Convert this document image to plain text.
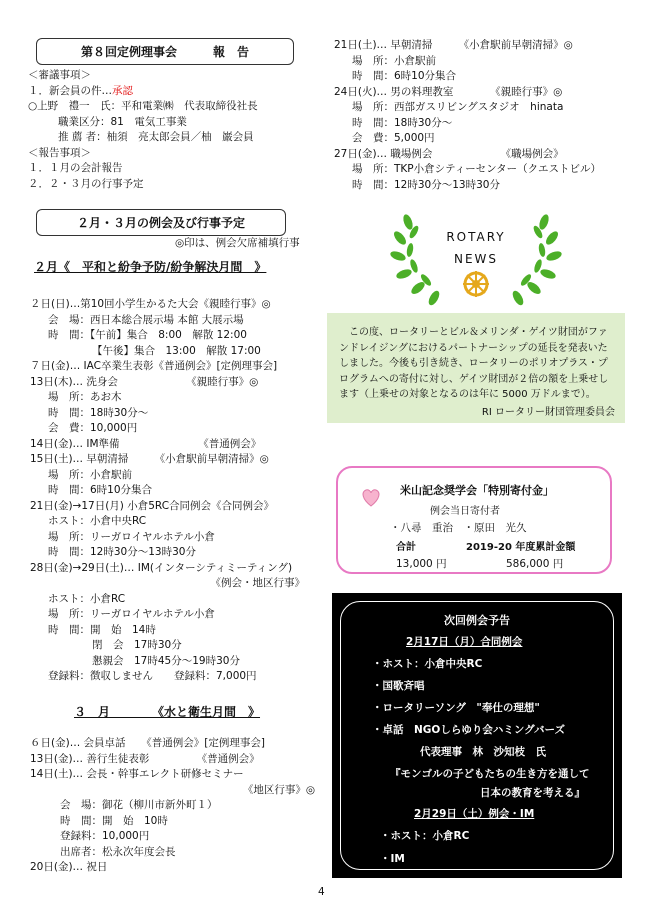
第８回定例理事会　　　報　告
＜審議事項＞
１．新会員の件…承認
○上野　禮一　氏：平和電業㈱　代表取締役社長
職業区分：81　電気工事業
推 薦 者：柚須　亮太郎会員／柚　巌会員
＜報告事項＞
１．１月の会計報告
２．２・３月の行事予定
２月・３月の例会及び行事予定
◎印は、例会欠席補填行事
２月《　平和と紛争予防/紛争解決月間　》
２日(日)…第10回小学生かるた大会《親睦行事》◎
会　場：西日本総合展示場 本館 大展示場
時　間：【午前】集合　8:00　解散 12:00
【午後】集合　13:00　解散 17:00
７日(金)… IAC卒業生表彰《普通例会》[定例理事会]
13日(木)… 洗身会　　　　　　　《親睦行事》◎
場　所：あお木
時　間：18時30分～
会　費：10,000円
14日(金)… IM準備　　　　　　　　《普通例会》
15日(土)… 早朝清掃　　　《小倉駅前早朝清掃》◎
場　所：小倉駅前
時　間：6時10分集合
21日(金)→17日(月) 小倉5RC合同例会《合同例会》
ホスト：小倉中央RC
場　所：リーガロイヤルホテル小倉
時　間：12時30分～13時30分
28日(金)→29日(土)… IM(インターシティミーティング)
《例会・地区行事》
ホスト：小倉RC
場　所：リーガロイヤルホテル小倉
時　間：開　始　14時
閉　会　17時30分
懇親会　17時45分～19時30分
登録料：徴収しません　　登録料：7,000円
３　月　　　　《水と衛生月間　》
６日(金)… 会員卓話　　《普通例会》[定例理事会]
13日(金)… 善行生徒表彰　　　　　《普通例会》
14日(土)… 会長・幹事エレクト研修セミナー
《地区行事》◎
会　場：御花（柳川市新外町１）
時　間：開　始　10時
登録料：10,000円
出席者：松永次年度会長
20日(金)… 祝日
21日(土)… 早朝清掃　　　《小倉駅前早朝清掃》◎
場　所：小倉駅前
時　間：6時10分集合
24日(火)… 男の料理教室　　　　《親睦行事》◎
場　所：西部ガスリビングスタジオ　hinata
時　間：18時30分～
会　費：5,000円
27日(金)… 職場例会　　　　　　　《職場例会》
場　所：TKP小倉シティーセンター（クエストビル）
時　間：12時30分～13時30分
ROTARY
NEWS
この度、ロータリーとビル＆メリンダ・ゲイツ財団がファンドレイジングにおけるパートナーシップの延長を発表いたしました。今後も引き続き、ロータリーのポリオプラス・プログラムへの寄付に対し、ゲイツ財団が２倍の額を上乗せします（上乗せの対象となるのは年に 5000 万ドルまで）。
RI ロータリー財団管理委員会
米山記念奨学会「特別寄付金」
例会当日寄付者
・八尋　重治　・原田　光久
合計	2019-20 年度累計金額
13,000 円	586,000 円
次回例会予告
2月17日（月）合同例会
・ホスト：小倉中央RC
・国歌斉唱
・ロータリーソング　"奉仕の理想"
・卓話　NGOしらゆり会ハミングバーズ
代表理事　林　沙知枝　氏
『モンゴルの子どもたちの生き方を通して
日本の教育を考える』
2月29日（土）例会・IM
・ホスト：小倉RC
・IM
4
